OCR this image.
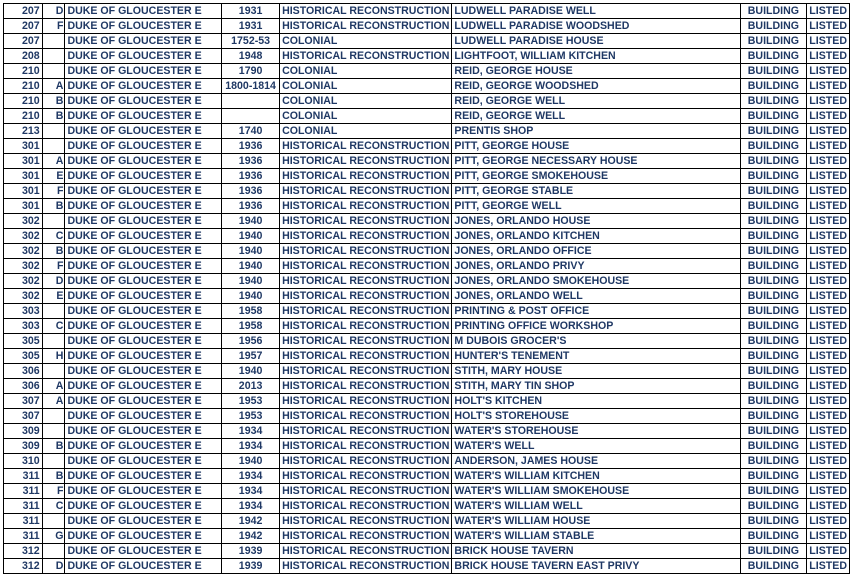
207	D	DUKE OF GLOUCESTER E	1931	HISTORICAL RECONSTRUCTION	LUDWELL PARADISE WELL	BUILDING	LISTED
207	F	DUKE OF GLOUCESTER E	1931	HISTORICAL RECONSTRUCTION	LUDWELL PARADISE WOODSHED	BUILDING	LISTED
207		DUKE OF GLOUCESTER E	1752-53	COLONIAL	LUDWELL PARADISE HOUSE	BUILDING	LISTED
208		DUKE OF GLOUCESTER E	1948	HISTORICAL RECONSTRUCTION	LIGHTFOOT, WILLIAM KITCHEN	BUILDING	LISTED
210		DUKE OF GLOUCESTER E	1790	COLONIAL	REID, GEORGE HOUSE	BUILDING	LISTED
210	A	DUKE OF GLOUCESTER E	1800-1814	COLONIAL	REID, GEORGE WOODSHED	BUILDING	LISTED
210	B	DUKE OF GLOUCESTER E		COLONIAL	REID, GEORGE WELL	BUILDING	LISTED
210	B	DUKE OF GLOUCESTER E		COLONIAL	REID, GEORGE WELL	BUILDING	LISTED
213		DUKE OF GLOUCESTER E	1740	COLONIAL	PRENTIS SHOP	BUILDING	LISTED
301		DUKE OF GLOUCESTER E	1936	HISTORICAL RECONSTRUCTION	PITT, GEORGE HOUSE	BUILDING	LISTED
301	A	DUKE OF GLOUCESTER E	1936	HISTORICAL RECONSTRUCTION	PITT, GEORGE NECESSARY HOUSE	BUILDING	LISTED
301	E	DUKE OF GLOUCESTER E	1936	HISTORICAL RECONSTRUCTION	PITT, GEORGE SMOKEHOUSE	BUILDING	LISTED
301	F	DUKE OF GLOUCESTER E	1936	HISTORICAL RECONSTRUCTION	PITT, GEORGE STABLE	BUILDING	LISTED
301	B	DUKE OF GLOUCESTER E	1936	HISTORICAL RECONSTRUCTION	PITT, GEORGE WELL	BUILDING	LISTED
302		DUKE OF GLOUCESTER E	1940	HISTORICAL RECONSTRUCTION	JONES, ORLANDO HOUSE	BUILDING	LISTED
302	C	DUKE OF GLOUCESTER E	1940	HISTORICAL RECONSTRUCTION	JONES, ORLANDO KITCHEN	BUILDING	LISTED
302	B	DUKE OF GLOUCESTER E	1940	HISTORICAL RECONSTRUCTION	JONES, ORLANDO OFFICE	BUILDING	LISTED
302	F	DUKE OF GLOUCESTER E	1940	HISTORICAL RECONSTRUCTION	JONES, ORLANDO PRIVY	BUILDING	LISTED
302	D	DUKE OF GLOUCESTER E	1940	HISTORICAL RECONSTRUCTION	JONES, ORLANDO SMOKEHOUSE	BUILDING	LISTED
302	E	DUKE OF GLOUCESTER E	1940	HISTORICAL RECONSTRUCTION	JONES, ORLANDO WELL	BUILDING	LISTED
303		DUKE OF GLOUCESTER E	1958	HISTORICAL RECONSTRUCTION	PRINTING & POST OFFICE	BUILDING	LISTED
303	C	DUKE OF GLOUCESTER E	1958	HISTORICAL RECONSTRUCTION	PRINTING OFFICE WORKSHOP	BUILDING	LISTED
305		DUKE OF GLOUCESTER E	1956	HISTORICAL RECONSTRUCTION	M DUBOIS GROCER'S	BUILDING	LISTED
305	H	DUKE OF GLOUCESTER E	1957	HISTORICAL RECONSTRUCTION	HUNTER'S TENEMENT	BUILDING	LISTED
306		DUKE OF GLOUCESTER E	1940	HISTORICAL RECONSTRUCTION	STITH, MARY HOUSE	BUILDING	LISTED
306	A	DUKE OF GLOUCESTER E	2013	HISTORICAL RECONSTRUCTION	STITH, MARY TIN SHOP	BUILDING	LISTED
307	A	DUKE OF GLOUCESTER E	1953	HISTORICAL RECONSTRUCTION	HOLT'S KITCHEN	BUILDING	LISTED
307		DUKE OF GLOUCESTER E	1953	HISTORICAL RECONSTRUCTION	HOLT'S STOREHOUSE	BUILDING	LISTED
309		DUKE OF GLOUCESTER E	1934	HISTORICAL RECONSTRUCTION	WATER'S STOREHOUSE	BUILDING	LISTED
309	B	DUKE OF GLOUCESTER E	1934	HISTORICAL RECONSTRUCTION	WATER'S WELL	BUILDING	LISTED
310		DUKE OF GLOUCESTER E	1940	HISTORICAL RECONSTRUCTION	ANDERSON, JAMES HOUSE	BUILDING	LISTED
311	B	DUKE OF GLOUCESTER E	1934	HISTORICAL RECONSTRUCTION	WATER'S WILLIAM KITCHEN	BUILDING	LISTED
311	F	DUKE OF GLOUCESTER E	1934	HISTORICAL RECONSTRUCTION	WATER'S WILLIAM SMOKEHOUSE	BUILDING	LISTED
311	C	DUKE OF GLOUCESTER E	1934	HISTORICAL RECONSTRUCTION	WATER'S WILLIAM WELL	BUILDING	LISTED
311		DUKE OF GLOUCESTER E	1942	HISTORICAL RECONSTRUCTION	WATER'S WILLIAM HOUSE	BUILDING	LISTED
311	G	DUKE OF GLOUCESTER E	1942	HISTORICAL RECONSTRUCTION	WATER'S WILLIAM STABLE	BUILDING	LISTED
312		DUKE OF GLOUCESTER E	1939	HISTORICAL RECONSTRUCTION	BRICK HOUSE TAVERN	BUILDING	LISTED
312	D	DUKE OF GLOUCESTER E	1939	HISTORICAL RECONSTRUCTION	BRICK HOUSE TAVERN EAST PRIVY	BUILDING	LISTED
